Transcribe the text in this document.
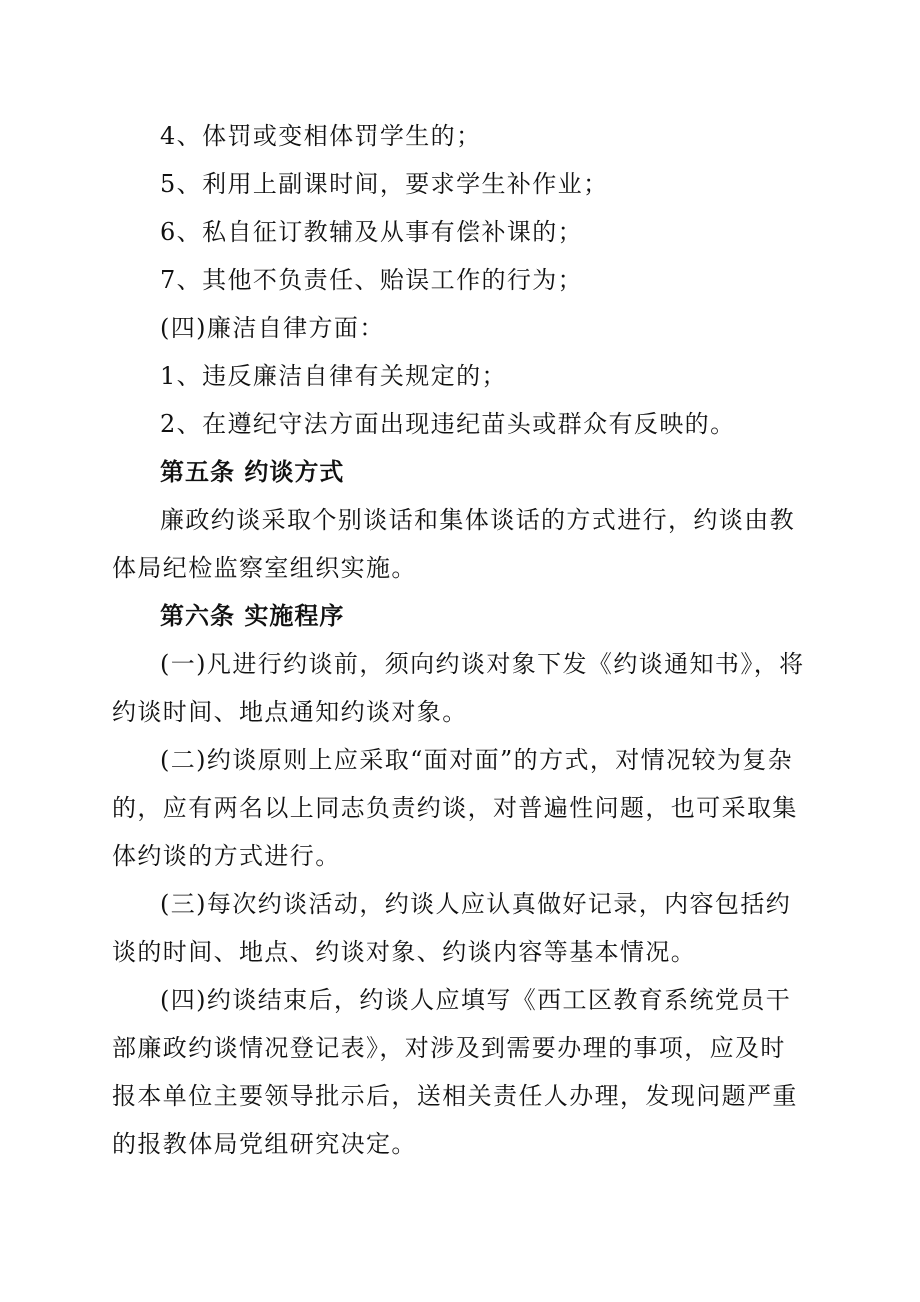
4、体罚或变相体罚学生的；

5、利用上副课时间，要求学生补作业；

6、私自征订教辅及从事有偿补课的；

7、其他不负责任、贻误工作的行为；

(四)廉洁自律方面：

1、违反廉洁自律有关规定的；

2、在遵纪守法方面出现违纪苗头或群众有反映的。

第五条 约谈方式

廉政约谈采取个别谈话和集体谈话的方式进行，约谈由教体局纪检监察室组织实施。

第六条 实施程序

(一)凡进行约谈前，须向约谈对象下发《约谈通知书》，将约谈时间、地点通知约谈对象。

(二)约谈原则上应采取“面对面”的方式，对情况较为复杂的，应有两名以上同志负责约谈，对普遍性问题，也可采取集体约谈的方式进行。

(三)每次约谈活动，约谈人应认真做好记录，内容包括约谈的时间、地点、约谈对象、约谈内容等基本情况。

(四)约谈结束后，约谈人应填写《西工区教育系统党员干部廉政约谈情况登记表》，对涉及到需要办理的事项，应及时报本单位主要领导批示后，送相关责任人办理，发现问题严重的报教体局党组研究决定。
